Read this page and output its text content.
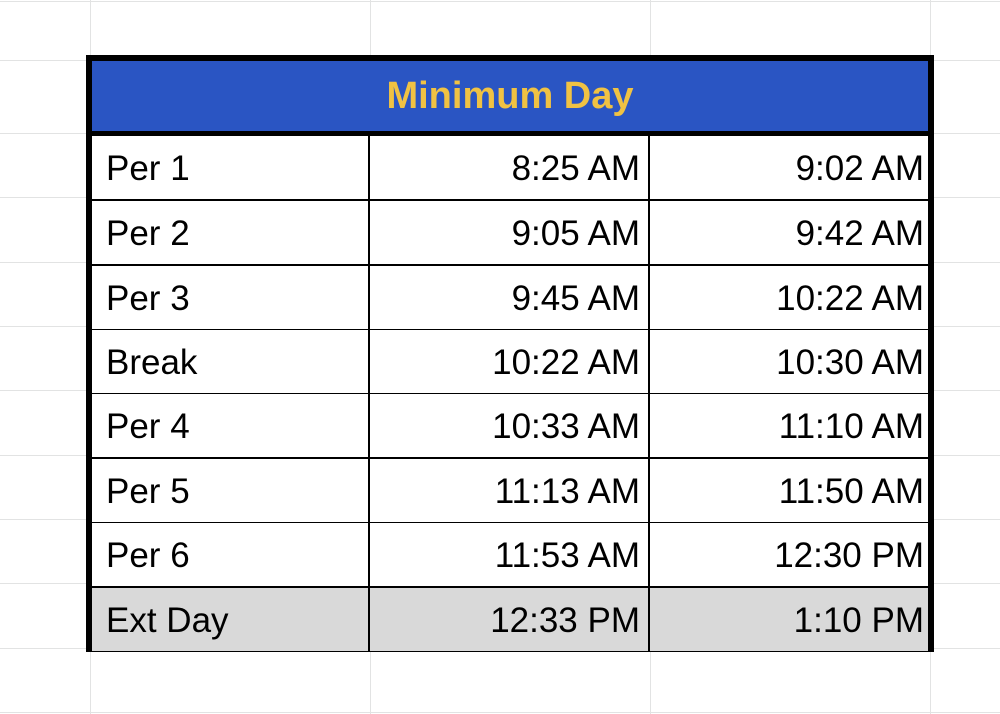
Minimum Day
Per 1	8:25 AM	9:02 AM
Per 2	9:05 AM	9:42 AM
Per 3	9:45 AM	10:22 AM
Break	10:22 AM	10:30 AM
Per 4	10:33 AM	11:10 AM
Per 5	11:13 AM	11:50 AM
Per 6	11:53 AM	12:30 PM
Ext Day	12:33 PM	1:10 PM
